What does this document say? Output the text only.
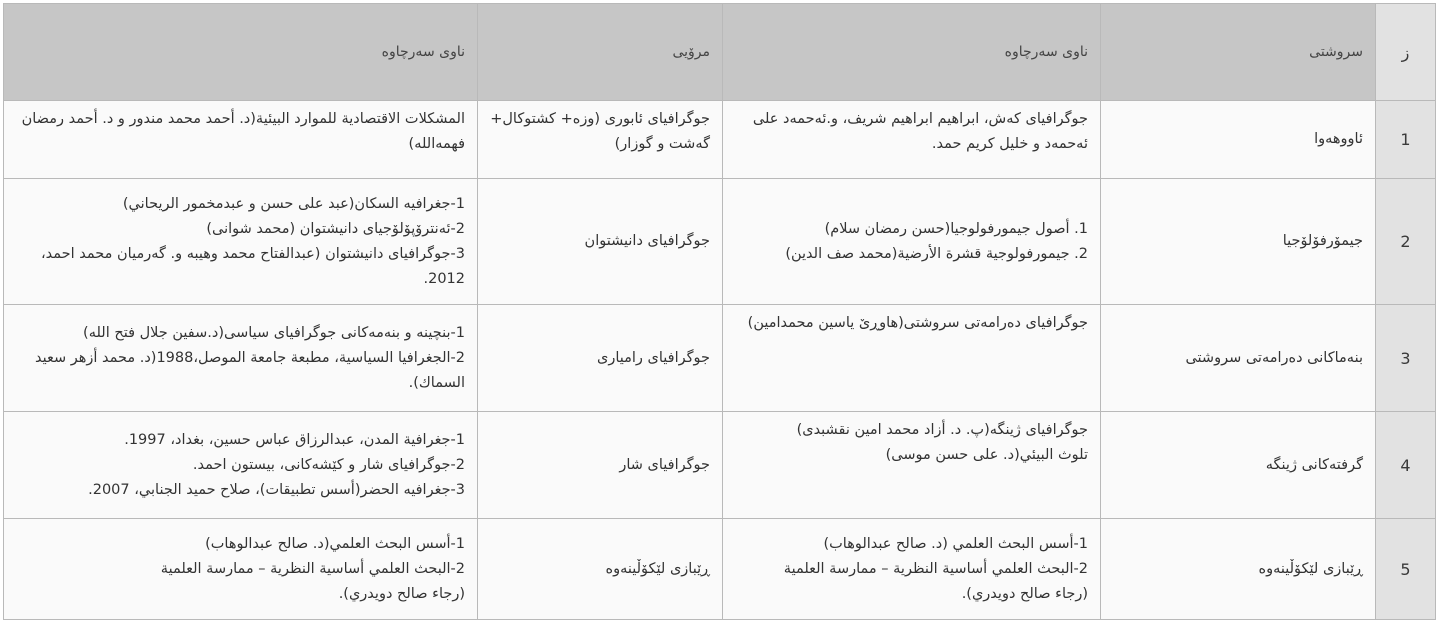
ز	سروشتی	ناوی سەرچاوە	مرۆیی	ناوی سەرچاوە
1	ئاووهەوا	جوگرافیای کەش، ابراهیم ابراهیم شریف، و.ئەحمەد علی ئەحمەد و خلیل کریم حمد.	جوگرافیای ئابوری (وزە+ کشتوکال+ گەشت و گوزار)	المشكلات الاقتصادية للموارد البيئية(د. أحمد محمد مندور و د. أحمد رمضان فهمەاللە)

2	جیمۆرفۆلۆجیا	1. أصول جيمورفولوجيا(حسن رمضان سلام)
2. جيمورفولوجية قشرة الأرضية(محمد صف الدين)	جوگرافیای دانیشتوان	1-جغرافيه السكان(عبد على حسن و عبدمخمور الريحاني)
2-ئەنترۆپۆلۆجیای دانیشتوان (محمد شوانی)
3-جوگرافیای دانیشتوان (عبدالفتاح محمد وهیبه و. گەرمیان محمد احمد، 2012.

3	بنەماکانی دەرامەتی سروشتی	جوگرافیای دەرامەتی سروشتی(هاوڕێ یاسین محمدامین)	جوگرافیای رامیاری	1-بنچینە و بنەمەکانی جوگرافیای سیاسی(د.سفين جلال فتح الله)
2-الجغرافيا السياسية، مطبعة جامعة الموصل،1988(د. محمد أزهر سعيد السماك).

4	گرفتەکانی ژینگە	جوگرافیای ژینگە(پ. د. أزاد محمد امين نقشبدی)
تلوث البيئي(د. على حسن موسى)	جوگرافیای شار	1-جغرافية المدن، عبدالرزاق عباس حسين، بغداد، 1997.
2-جوگرافیای شار و کێشەکانی، بیستون احمد.
3-جغرافيه الحضر(أسس تطبيقات)، صلاح حميد الجنابي، 2007.

5	ڕێبازی لێکۆڵینەوە	1-أسس البحث العلمي (د. صالح عبدالوهاب)
2-البحث العلمي أساسية النظرية – ممارسة العلمية
(رجاء صالح دويدري).	ڕێبازی لێکۆڵینەوە	1-أسس البحث العلمي(د. صالح عبدالوهاب)
2-البحث العلمي أساسية النظرية – ممارسة العلمية
(رجاء صالح دويدري).
